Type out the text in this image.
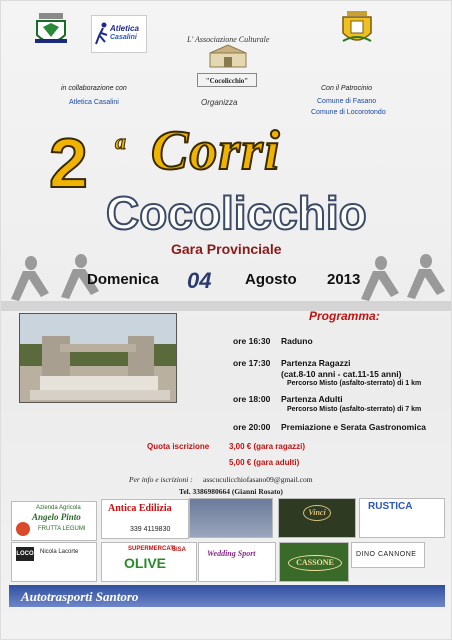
Atletica
Casalini	L' Associazione Culturale
"Cocolicchio"
Organizza
in collaborazione con
Atletica Casalini
Con il Patrocinio
Comune di Fasano
Comune di Locorotondo
2 a Corri
Cocolicchio
Gara Provinciale
Domenica 04 Agosto 2013
Programma:
ore 16:30 Raduno
ore 17:30 Partenza Ragazzi
(cat.8-10 anni - cat.11-15 anni)
Percorso Misto (asfalto-sterrato) di 1 km
ore 18:00 Partenza Adulti
Percorso Misto (asfalto-sterrato) di 7 km
ore 20:00 Premiazione e Serata Gastronomica
Quota iscrizione 3,00 € (gara ragazzi)
5,00 € (gara adulti)
Per info e iscrizioni : asscuculicchiofasano09@gmail.com
Tel. 3386980664 (Gianni Rosato)
Azienda Agricola
Angelo Pinto
FRUTTA LEGUMI
Antica Edilizia
339 4119830
Vinci
RUSTICA
LOCO Nicola Lacorte	SUPERMERCATI
OLIVE
SISA	Wedding Sport
CASSONE
DINO CANNONE
Autotrasporti Santoro
